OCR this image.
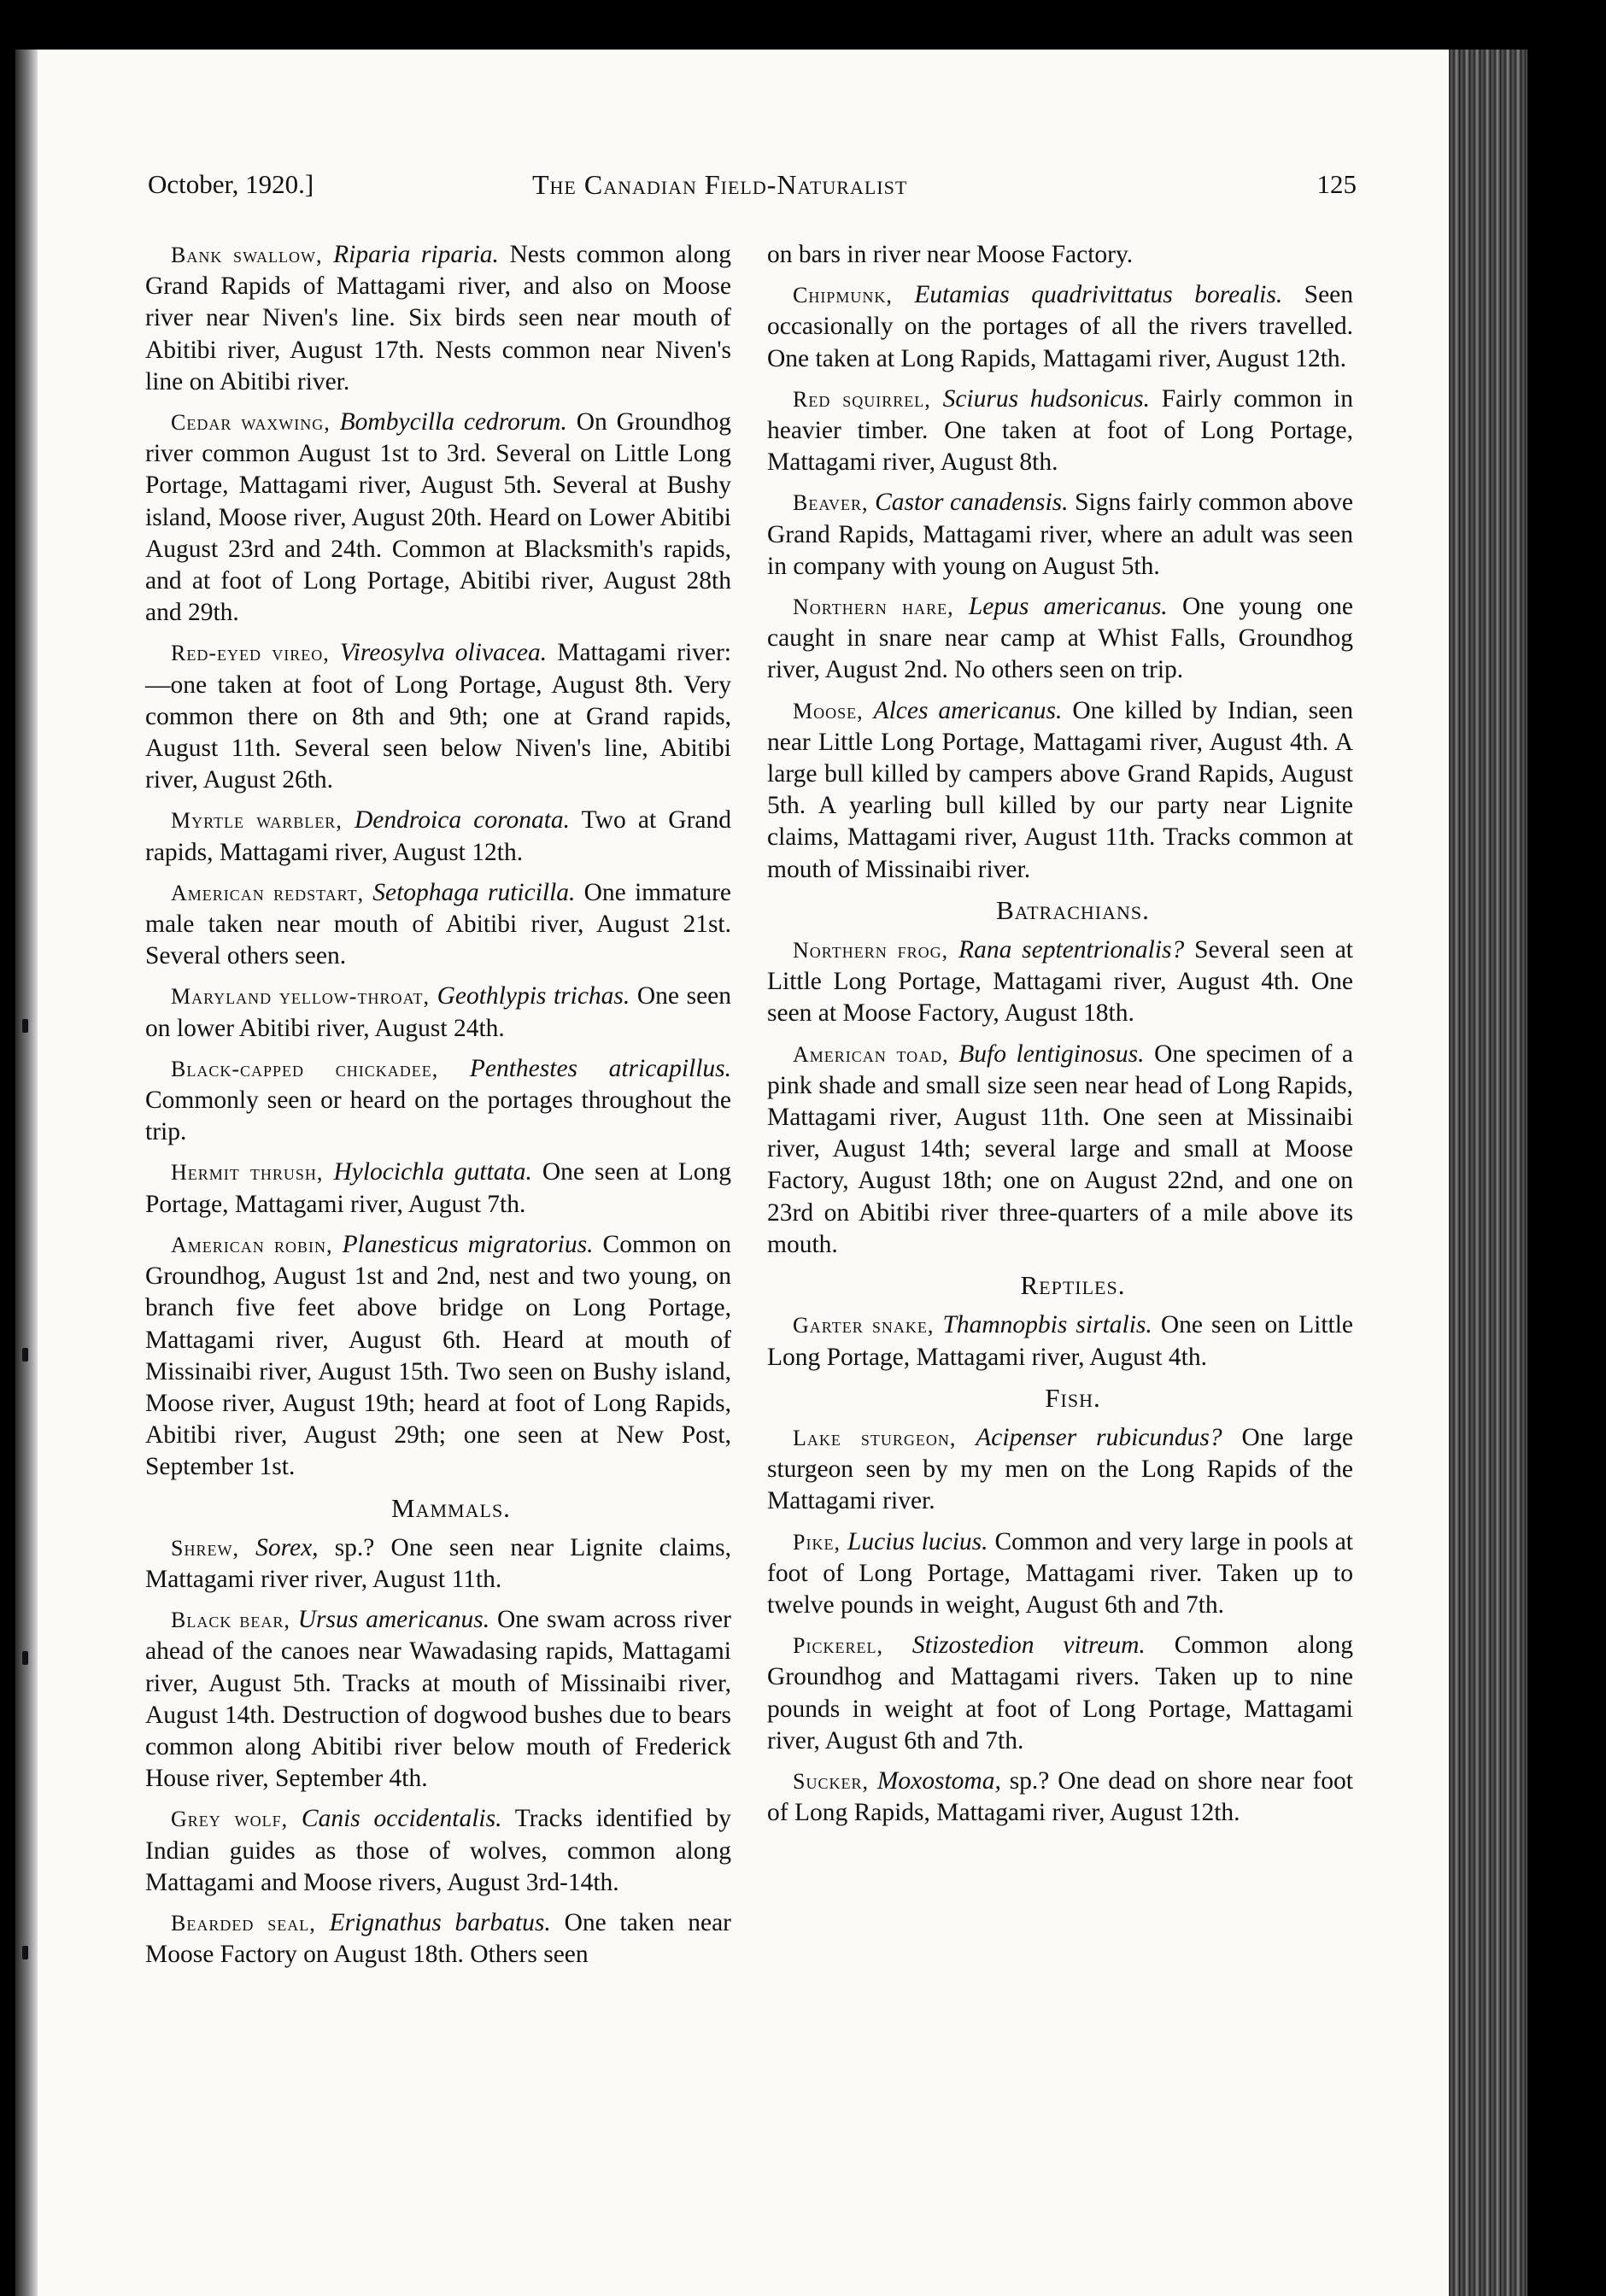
October, 1920.]	The Canadian Field-Naturalist	125

Bank swallow, Riparia riparia. Nests common along Grand Rapids of Mattagami river, and also on Moose river near Niven's line. Six birds seen near mouth of Abitibi river, August 17th. Nests common near Niven's line on Abitibi river.

Cedar waxwing, Bombycilla cedrorum. On Groundhog river common August 1st to 3rd. Several on Little Long Portage, Mattagami river, August 5th. Several at Bushy island, Moose river, August 20th. Heard on Lower Abitibi August 23rd and 24th. Common at Blacksmith's rapids, and at foot of Long Portage, Abitibi river, August 28th and 29th.

Red-eyed vireo, Vireosylva olivacea. Mattagami river:—one taken at foot of Long Portage, August 8th. Very common there on 8th and 9th; one at Grand rapids, August 11th. Several seen below Niven's line, Abitibi river, August 26th.

Myrtle warbler, Dendroica coronata. Two at Grand rapids, Mattagami river, August 12th.

American redstart, Setophaga ruticilla. One immature male taken near mouth of Abitibi river, August 21st. Several others seen.

Maryland yellow-throat, Geothlypis trichas. One seen on lower Abitibi river, August 24th.

Black-capped chickadee, Penthestes atricapillus. Commonly seen or heard on the portages throughout the trip.

Hermit thrush, Hylocichla guttata. One seen at Long Portage, Mattagami river, August 7th.

American robin, Planesticus migratorius. Common on Groundhog, August 1st and 2nd, nest and two young, on branch five feet above bridge on Long Portage, Mattagami river, August 6th. Heard at mouth of Missinaibi river, August 15th. Two seen on Bushy island, Moose river, August 19th; heard at foot of Long Rapids, Abitibi river, August 29th; one seen at New Post, September 1st.

Mammals.

Shrew, Sorex, sp.? One seen near Lignite claims, Mattagami river river, August 11th.

Black bear, Ursus americanus. One swam across river ahead of the canoes near Wawadasing rapids, Mattagami river, August 5th. Tracks at mouth of Missinaibi river, August 14th. Destruction of dogwood bushes due to bears common along Abitibi river below mouth of Frederick House river, September 4th.

Grey wolf, Canis occidentalis. Tracks identified by Indian guides as those of wolves, common along Mattagami and Moose rivers, August 3rd-14th.

Bearded seal, Erignathus barbatus. One taken near Moose Factory on August 18th. Others seen

on bars in river near Moose Factory.

Chipmunk, Eutamias quadrivittatus borealis. Seen occasionally on the portages of all the rivers travelled. One taken at Long Rapids, Mattagami river, August 12th.

Red squirrel, Sciurus hudsonicus. Fairly common in heavier timber. One taken at foot of Long Portage, Mattagami river, August 8th.

Beaver, Castor canadensis. Signs fairly common above Grand Rapids, Mattagami river, where an adult was seen in company with young on August 5th.

Northern hare, Lepus americanus. One young one caught in snare near camp at Whist Falls, Groundhog river, August 2nd. No others seen on trip.

Moose, Alces americanus. One killed by Indian, seen near Little Long Portage, Mattagami river, August 4th. A large bull killed by campers above Grand Rapids, August 5th. A yearling bull killed by our party near Lignite claims, Mattagami river, August 11th. Tracks common at mouth of Missinaibi river.

Batrachians.

Northern frog, Rana septentrionalis? Several seen at Little Long Portage, Mattagami river, August 4th. One seen at Moose Factory, August 18th.

American toad, Bufo lentiginosus. One specimen of a pink shade and small size seen near head of Long Rapids, Mattagami river, August 11th. One seen at Missinaibi river, August 14th; several large and small at Moose Factory, August 18th; one on August 22nd, and one on 23rd on Abitibi river three-quarters of a mile above its mouth.

Reptiles.

Garter snake, Thamnopbis sirtalis. One seen on Little Long Portage, Mattagami river, August 4th.

Fish.

Lake sturgeon, Acipenser rubicundus? One large sturgeon seen by my men on the Long Rapids of the Mattagami river.

Pike, Lucius lucius. Common and very large in pools at foot of Long Portage, Mattagami river. Taken up to twelve pounds in weight, August 6th and 7th.

Pickerel, Stizostedion vitreum. Common along Groundhog and Mattagami rivers. Taken up to nine pounds in weight at foot of Long Portage, Mattagami river, August 6th and 7th.

Sucker, Moxostoma, sp.? One dead on shore near foot of Long Rapids, Mattagami river, August 12th.
